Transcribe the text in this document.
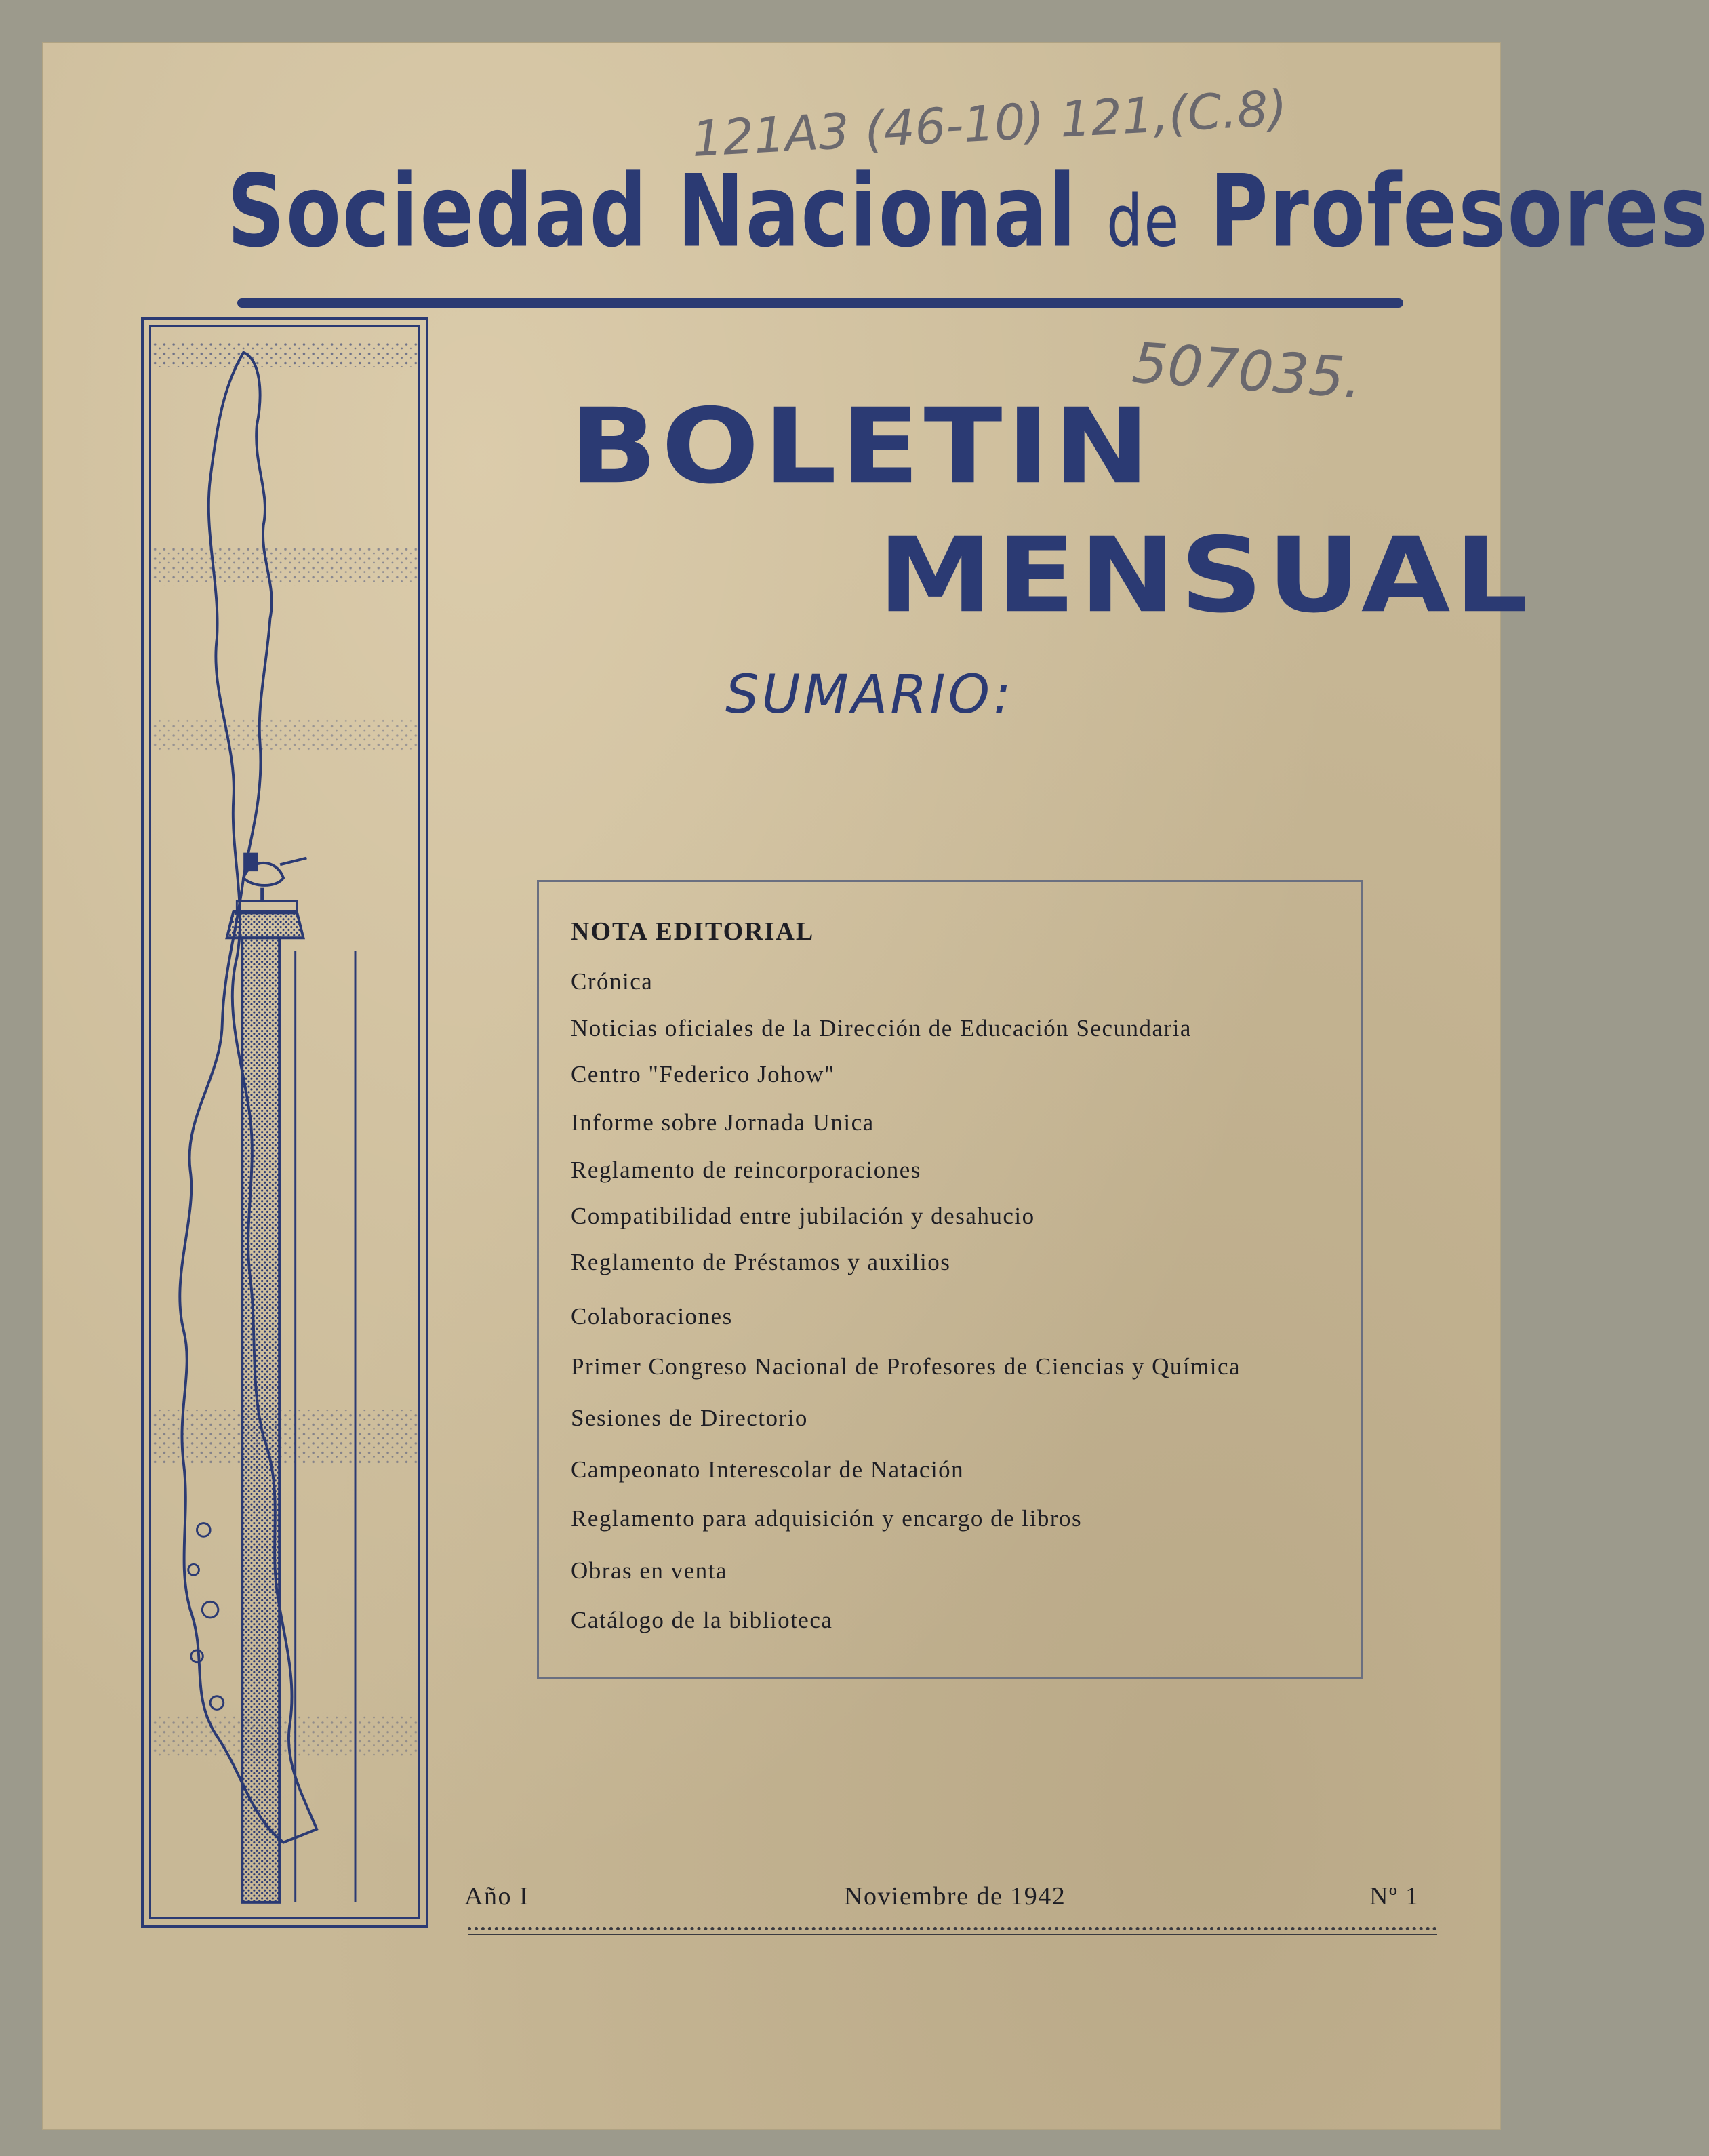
121A3 (46-10) 121,(C.8)
507035.
Sociedad Nacional de Profesores
BOLETIN
MENSUAL
SUMARIO:
NOTA EDITORIAL
Crónica
Noticias oficiales de la Dirección de Educación Secundaria
Centro "Federico Johow"
Informe sobre Jornada Unica
Reglamento de reincorporaciones
Compatibilidad entre jubilación y desahucio
Reglamento de Préstamos y auxilios
Colaboraciones
Primer Congreso Nacional de Profesores de Ciencias y Química
Sesiones de Directorio
Campeonato Interescolar de Natación
Reglamento para adquisición y encargo de libros
Obras en venta
Catálogo de la biblioteca
Año I	Noviembre de 1942	Nº 1
